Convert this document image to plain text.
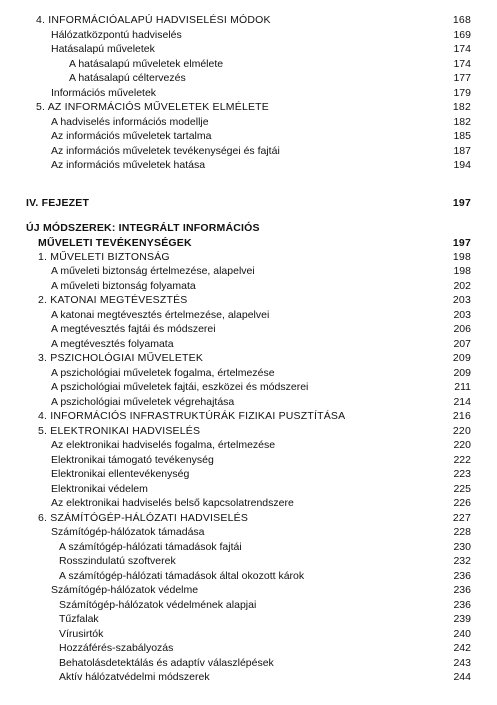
4. INFORMÁCIÓALAPÚ HADVISELÉSI MÓDOK	168
Hálózatközpontú hadviselés	169
Hatásalapú műveletek	174
A hatásalapú műveletek elmélete	174
A hatásalapú céltervezés	177
Információs műveletek	179
5. AZ INFORMÁCIÓS MŰVELETEK ELMÉLETE	182
A hadviselés információs modellje	182
Az információs műveletek tartalma	185
Az információs műveletek tevékenységei és fajtái	187
Az információs műveletek hatása	194
IV. FEJEZET	197
ÚJ MÓDSZEREK: INTEGRÁLT INFORMÁCIÓS
MŰVELETI TEVÉKENYSÉGEK	197
1. MŰVELETI BIZTONSÁG	198
A műveleti biztonság értelmezése, alapelvei	198
A műveleti biztonság folyamata	202
2. KATONAI MEGTÉVESZTÉS	203
A katonai megtévesztés értelmezése, alapelvei	203
A megtévesztés fajtái és módszerei	206
A megtévesztés folyamata	207
3. PSZICHOLÓGIAI MŰVELETEK	209
A pszichológiai műveletek fogalma, értelmezése	209
A pszichológiai műveletek fajtái, eszközei és módszerei	211
A pszichológiai műveletek végrehajtása	214
4. INFORMÁCIÓS INFRASTRUKTÚRÁK FIZIKAI PUSZTÍTÁSA	216
5. ELEKTRONIKAI HADVISELÉS	220
Az elektronikai hadviselés fogalma, értelmezése	220
Elektronikai támogató tevékenység	222
Elektronikai ellentevékenység	223
Elektronikai védelem	225
Az elektronikai hadviselés belső kapcsolatrendszere	226
6. SZÁMÍTÓGÉP-HÁLÓZATI HADVISELÉS	227
Számítógép-hálózatok támadása	228
A számítógép-hálózati támadások fajtái	230
Rosszindulatú szoftverek	232
A számítógép-hálózati támadások által okozott károk	236
Számítógép-hálózatok védelme	236
Számítógép-hálózatok védelmének alapjai	236
Tűzfalak	239
Vírusirtók	240
Hozzáférés-szabályozás	242
Behatolásdetektálás és adaptív válaszlépések	243
Aktív hálózatvédelmi módszerek	244
